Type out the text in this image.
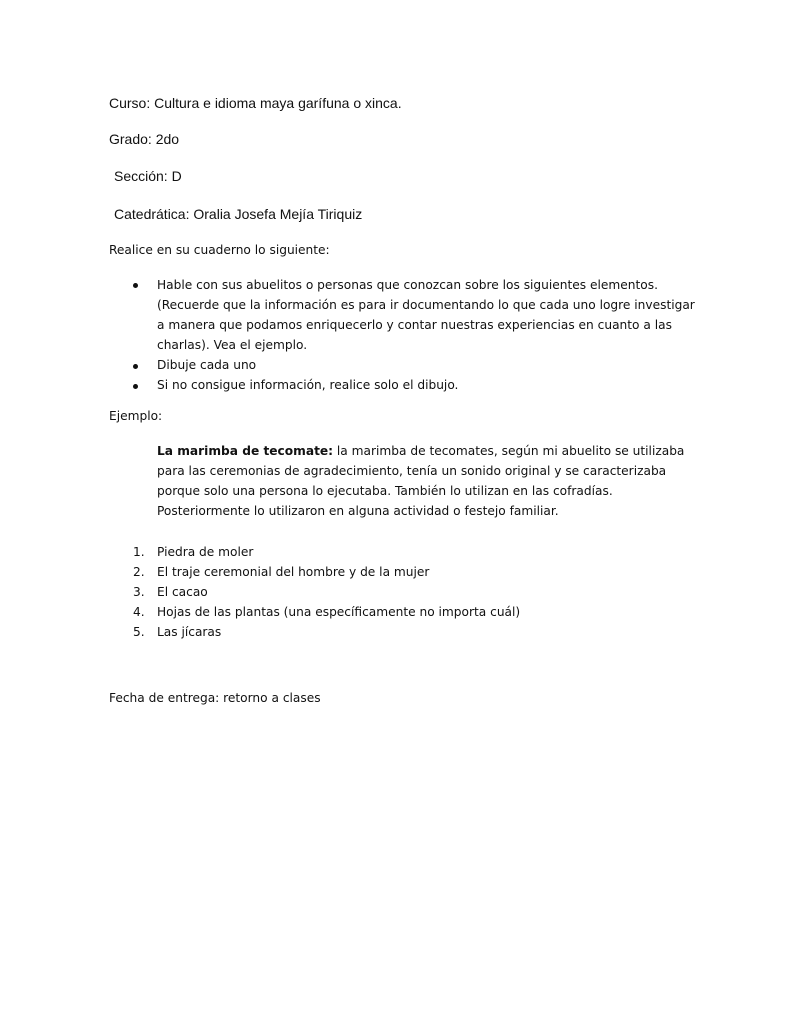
Curso: Cultura e idioma maya garífuna o xinca.
Grado: 2do
Sección: D
Catedrática: Oralia Josefa Mejía Tiriquiz
Realice en su cuaderno lo siguiente:
Hable con sus abuelitos o personas que conozcan sobre los siguientes elementos. (Recuerde que la información es para ir documentando lo que cada uno logre investigar a manera que podamos enriquecerlo y contar nuestras experiencias en cuanto a las charlas). Vea el ejemplo.
Dibuje cada uno
Si no consigue información, realice solo el dibujo.
Ejemplo:
La marimba de tecomate: la marimba de tecomates, según mi abuelito se utilizaba para las ceremonias de agradecimiento, tenía un sonido original y se caracterizaba porque solo una persona lo ejecutaba. También lo utilizan en las cofradías. Posteriormente lo utilizaron en alguna actividad o festejo familiar.
1. Piedra de moler
2. El traje ceremonial del hombre y de la mujer
3. El cacao
4. Hojas de las plantas (una específicamente no importa cuál)
5. Las jícaras
Fecha de entrega: retorno a clases
